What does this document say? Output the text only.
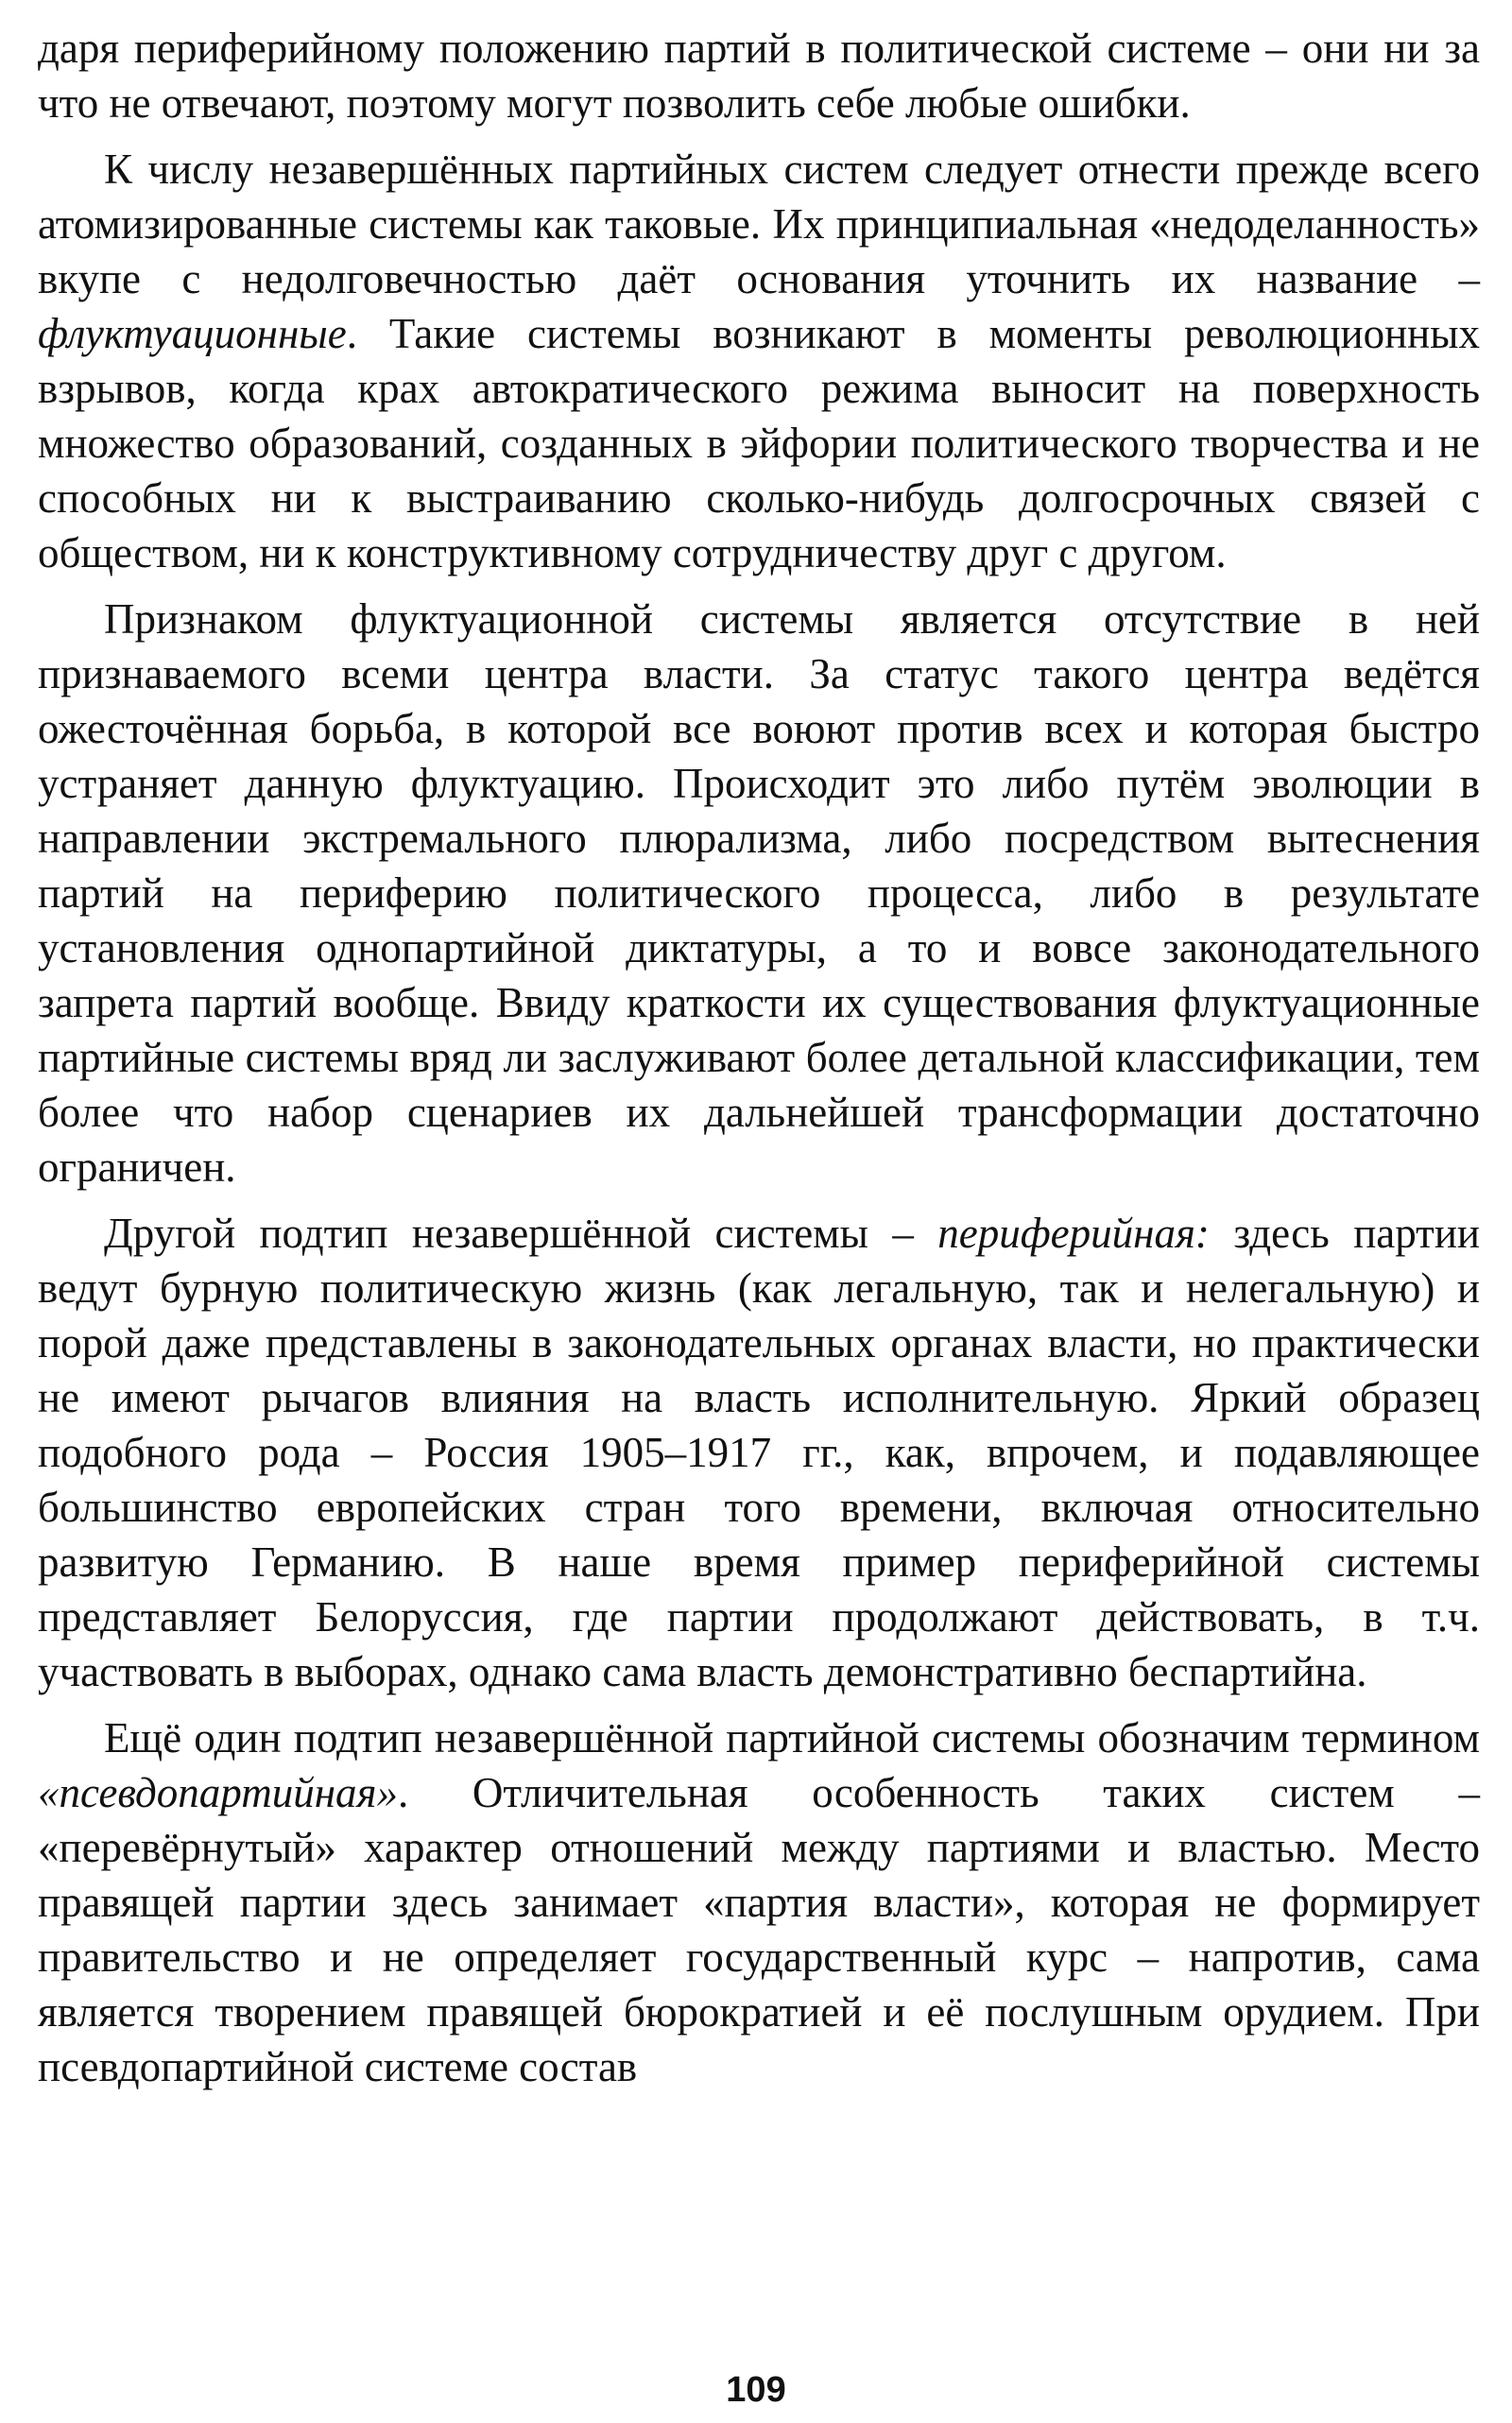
даря периферийному положению партий в политической системе – они ни за что не отвечают, поэтому могут позволить себе любые ошибки.

К числу незавершённых партийных систем следует отнести прежде всего атомизированные системы как таковые. Их принципиальная «недоделанность» вкупе с недолговечностью даёт основания уточнить их название – флуктуационные. Такие системы возникают в моменты революционных взрывов, когда крах автократического режима выносит на поверхность множество образований, созданных в эйфории политического творчества и не способных ни к выстраиванию сколько-нибудь долгосрочных связей с обществом, ни к конструктивному сотрудничеству друг с другом.

Признаком флуктуационной системы является отсутствие в ней признаваемого всеми центра власти. За статус такого центра ведётся ожесточённая борьба, в которой все воюют против всех и которая быстро устраняет данную флуктуацию. Происходит это либо путём эволюции в направлении экстремального плюрализма, либо посредством вытеснения партий на периферию политического процесса, либо в результате установления однопартийной диктатуры, а то и вовсе законодательного запрета партий вообще. Ввиду краткости их существования флуктуационные партийные системы вряд ли заслуживают более детальной классификации, тем более что набор сценариев их дальнейшей трансформации достаточно ограничен.

Другой подтип незавершённой системы – периферийная: здесь партии ведут бурную политическую жизнь (как легальную, так и нелегальную) и порой даже представлены в законодательных органах власти, но практически не имеют рычагов влияния на власть исполнительную. Яркий образец подобного рода – Россия 1905–1917 гг., как, впрочем, и подавляющее большинство европейских стран того времени, включая относительно развитую Германию. В наше время пример периферийной системы представляет Белоруссия, где партии продолжают действовать, в т.ч. участвовать в выборах, однако сама власть демонстративно беспартийна.

Ещё один подтип незавершённой партийной системы обозначим термином «псевдопартийная». Отличительная особенность таких систем – «перевёрнутый» характер отношений между партиями и властью. Место правящей партии здесь занимает «партия власти», которая не формирует правительство и не определяет государственный курс – напротив, сама является творением правящей бюрократией и её послушным орудием. При псевдопартийной системе состав

109
